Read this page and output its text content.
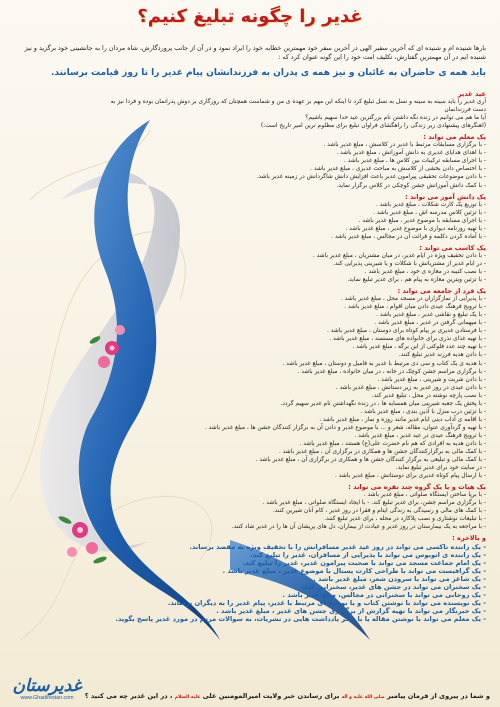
غدیر را چگونه تبلیغ کنیم؟
بارها شنیده ام و شنیده ای که آخرین سفیر الهی در آخرین سفر خود مهمترین خطابه خود را ایراد نمود و در آن از جانب پروردگارش، شاه مردان را به جانشینی خود برگزید و نیز شنیده ایم در آن مهمترین گفتارش، تکلیف امت خود را این گونه عنوان کرد که :
باید همه ی حاضران به غائبان و نیز همه ی پدران به فرزندانشان پیام غدیر را تا روز قیامت برسانند.

عید غدیر

آری غدیر را باید سینه به سینه و نسل به نسل تبلیغ کرد تا اینکه این مهم بر عهده ی من و شماست همچنان که روزگاری بر دوش پدرانمان بوده و فردا نیز به دست فرزندانمان

آیا ما هم می توانیم در زنده نگه داشتن نام بزرگترین عید خدا سهیم باشیم؟

(اهنگرهای پیشنهادی زیر زندگی را راهگشای فراوان تبلیغ برای مظلوم ترین امیر تاریخ است:)

یک معلم می تواند :

- با برگزاری مسابقات مرتبط با غدیر در کلاسش ، مبلغ غدیر باشد .

- با اهدای هدایای غدیری به دانش آموزانش ، مبلغ غدیر باشد .

- با اجرای مسابقه ترکیبات بین کلاس ها ، مبلغ غدیر باشد .

- با اختصاص دادن بخشی از کلاسش به مباحث غدیری ، مبلغ غدیر باشد .

- با دادن موضوعات تحقیقی پیرامون غدیر باعث افزایش دانش شاگردانش در زمینه غدیر باشد.

- با کمک دانش آموزانش جشن کوچکی در کلاس برگزار نماید.

یک دانش آموز می تواند :

- با توزیع یک کارت شکلات ، مبلغ غدیر باشد .

- با تزئین کلاس مدرسه اش ، مبلغ غدیر باشد .

- با اجرای مسابقه با موضوع غدیر ، مبلغ غدیر باشد .

- با تهیه روزنامه دیواری با موضوع غدیر ، مبلغ غدیر باشد .

- با آماده کردن دکلمه و قرائت آن در مجالس ، مبلغ غدیر باشد .

یک کاسب می تواند :

- با دادن تخفیف ویژه در ایام غدیر، در میان مشتریان ، مبلغ غدیر باشد .

- در ایام غدیر از مشتریانش با شکلات و یا شیرینی پذیرایی کند.

- با نصب کتیبه در مغازه ی خود ، مبلغ غدیر باشد .

- با تزئین ویترین مغازه به پیام هم ، برای غدیر تبلیغ نماید.

یک فرد از جامعه می تواند :

- با پذیرایی از نمازگزاران در مسجد محل ، مبلغ غدیر باشد .

- با ترویج فرهنگ عیدی دادن میان اقوام ، مبلغ غدیر باشد .

- با یک تبلیغ و نقاشی غدیر ، مبلغ غدیر باشد .

- با میهمانی گرفتن در غدیر ، مبلغ غدیر باشد .

- با فرستادن غدیری بر پیام کوتاه برای دوستان ، مبلغ غدیر باشد .

- با تهیه غذای نذری برای خانواده های مستمند ، مبلغ غدیر باشد .

- با تهیه چند عدد فلوکتی از این برگه ، مبلغ غدیر باشد .

- با دادن هدیه فرزند غدیر تبلیغ کنند.

- با هدیه ی یک کتاب و سی دی مرتبط با غدیر به فامیل و دوستان ، مبلغ غدیر باشد .

- با برگزاری مراسم جشن کوچک در خانه ، در میان خانواده ، مبلغ غدیر باشد .

- با دادن شربت و شیرینی ، مبلغ غدیر باشد .

- با دادن عیدی در روز غدیر به زیر دستانش ، مبلغ غدیر باشد .

- با نصب پارچه نوشته در محل ، تبلیغ غدیر کند.

- با پخش یک جعبه شیرینی میان همسایه ها ، در زنده نگهداشتن نام غدیر سهیم گردد.

- با تزئین درب منزل با آذین بندی ، مبلغ غدیر باشد .

- با اقامه ی آداب دینی ایام غدیر مانند روزه و نماز ، مبلغ غدیر باشد .

- با تهیه و گردآوری عنوان، مقاله، شعر و ... با موضوع غدیر و دادن آن به برگزار کنندگان جشن ها ، مبلغ غدیر باشد .

- با ترویج فرهنگ عیدی در عید غدیر ، مبلغ غدیر باشد .

- با دادن هدیه به افرادی که هم نام حضرت علی(ع) هستند ، مبلغ غدیر باشد .

- با کمک مالی به برگزارکنندگان جشن ها و همکاری در برگزاری آن ، مبلغ غدیر باشد .

- با کمک مالی و تبلیغی به برگزار کنندگان جشن ها و همکاری در برگزاری آن ، مبلغ غدیر باشد .

- در سایت خود برای غدیر تبلیغ نماید.

- با ارسال پیام کوتاه غدیری برای دوستانش ، مبلغ غدیر باشد .

یک هیات و یا یک گروه چند نفره می تواند :

- با برپا ساختن ایستگاه صلواتی ، مبلغ غدیر باشد .

- با برگزاری مراسم جشن، برای غدیر تبلیغ کند. - با ایجاد ایستگاه صلواتی ، مبلغ غدیر باشد .

- با کمک های مالی و رسیدگی به زندگی ایتام و فقرا در روز غدیر ، کام آنان شیرین کنند.

- با تبلیغات نوشتاری و نصب پلاکارد در محله ، برای غدیر تبلیغ کنند.

- با مراجعه به یک بیمارستان در روز غدیر و عیادت از بیماران، دل های پریشان آن ها را در غدیر شاد کنند.

و بالاخره :

- یک راننده تاکسی می تواند در روز عید غدیر مسافرانش را با تخفیف ویژه به مقصد برساند.

- یک راننده ی اتوبوس می تواند با پذیرایی از مسافران، غدیر را تبلیغ کند.

- یک امام جماعت مسجد می تواند با صحبت پیرامون غدیر، غدیر را تبلیغ کند.

- یک گرافیست می تواند با طراحی کارت پستال با موضوع غدیر ، مبلغ غدیر باشد .

- یک شاعر می تواند با سرودن شعر، مبلغ غدیر باشد .

- یک سخنران می تواند در جشن های غدیر، سخنرانی کند.

- یک روحانی می تواند با سخنرانی در مجالس، مبلغ غدیر باشد .

- یک نویسنده می تواند با نوشتن کتاب و یا نوشته ای مرتبط با غدیر، پیام غدیر را به دیگران برساند.

- یک خبرنگار می تواند با تهیه گزارش از برگزاری جشن های غدیر ، مبلغ غدیر باشد .

- یک معلم می تواند با نوشتن مقاله یا با دیگر یادداشت هایی در نشریات، به سوالات مردم در مورد غدیر پاسخ بگوید.

و شما در پیروی از فرمان پیامبر صلی الله علیه و آله برای رساندن خبر ولایت امیرالمومنین علی علیه السلام ، در این غدیر چه می کنید ؟
غدیرستان
www.Ghadirestan.com
